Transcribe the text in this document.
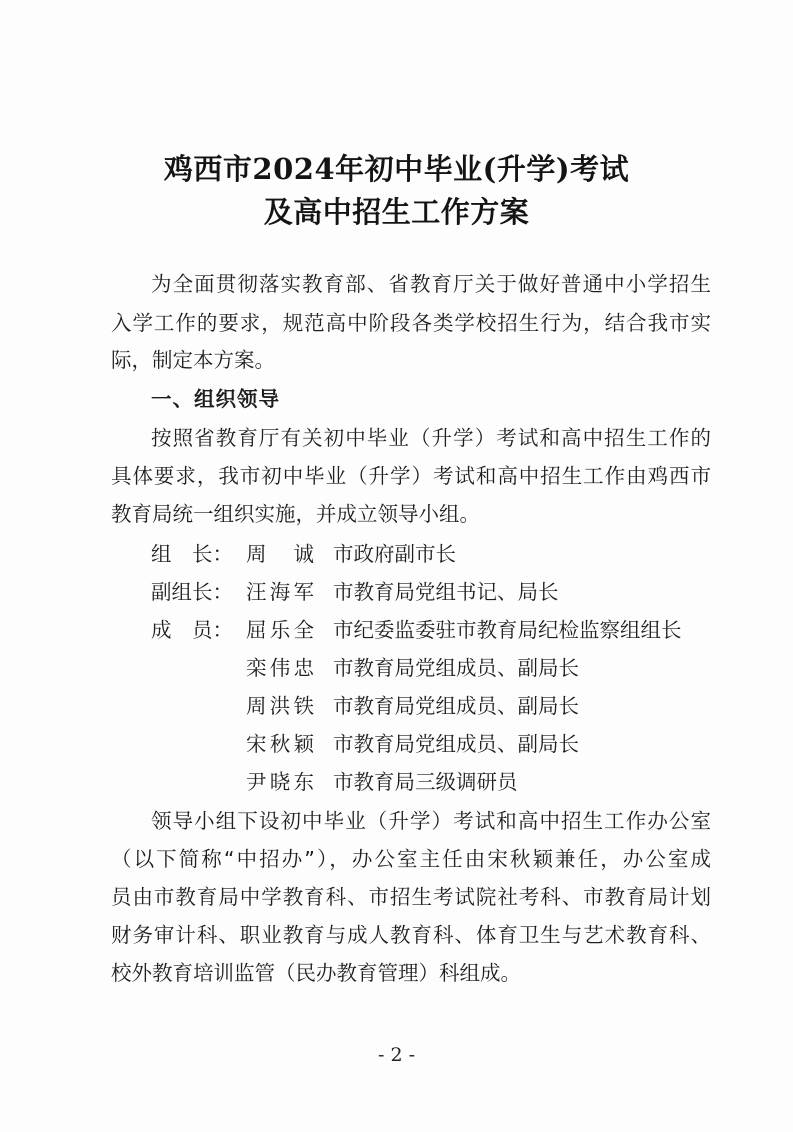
鸡西市2024年初中毕业(升学)考试
及高中招生工作方案
为全面贯彻落实教育部、省教育厅关于做好普通中小学招生
入学工作的要求，规范高中阶段各类学校招生行为，结合我市实
际，制定本方案。
一、组织领导
按照省教育厅有关初中毕业（升学）考试和高中招生工作的
具体要求，我市初中毕业（升学）考试和高中招生工作由鸡西市
教育局统一组织实施，并成立领导小组。
组　长： 周　诚 市政府副市长
副组长： 汪海军 市教育局党组书记、局长
成　员： 屈乐全 市纪委监委驻市教育局纪检监察组组长
栾伟忠 市教育局党组成员、副局长
周洪铁 市教育局党组成员、副局长
宋秋颖 市教育局党组成员、副局长
尹晓东 市教育局三级调研员
领导小组下设初中毕业（升学）考试和高中招生工作办公室
（以下简称“中招办”），办公室主任由宋秋颖兼任，办公室成
员由市教育局中学教育科、市招生考试院社考科、市教育局计划
财务审计科、职业教育与成人教育科、体育卫生与艺术教育科、
校外教育培训监管（民办教育管理）科组成。
- 2 -
